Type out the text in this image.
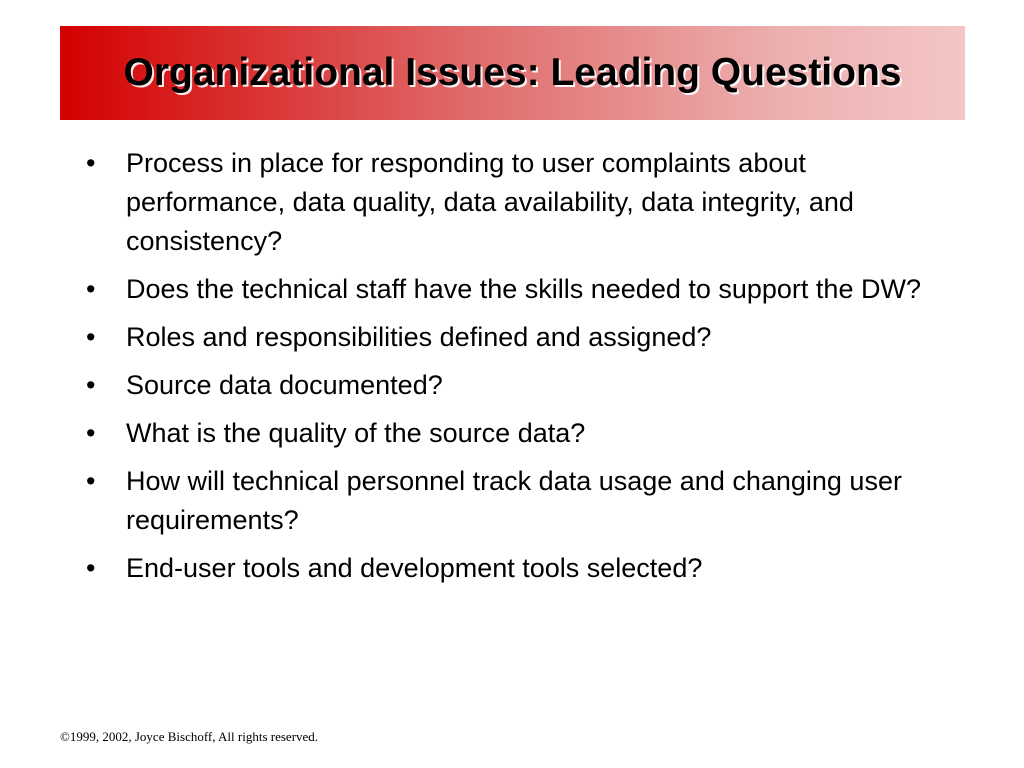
Organizational Issues: Leading Questions
•	Process in place for responding to user complaints about performance, data quality, data availability, data integrity, and consistency?
•	Does the technical staff have the skills needed to support the DW?
•	Roles and responsibilities defined and assigned?
•	Source data documented?
•	What is the quality of the source data?
•	How will technical personnel track data usage and changing user requirements?
•	End-user tools and development tools selected?
©1999, 2002, Joyce Bischoff, All rights reserved.
